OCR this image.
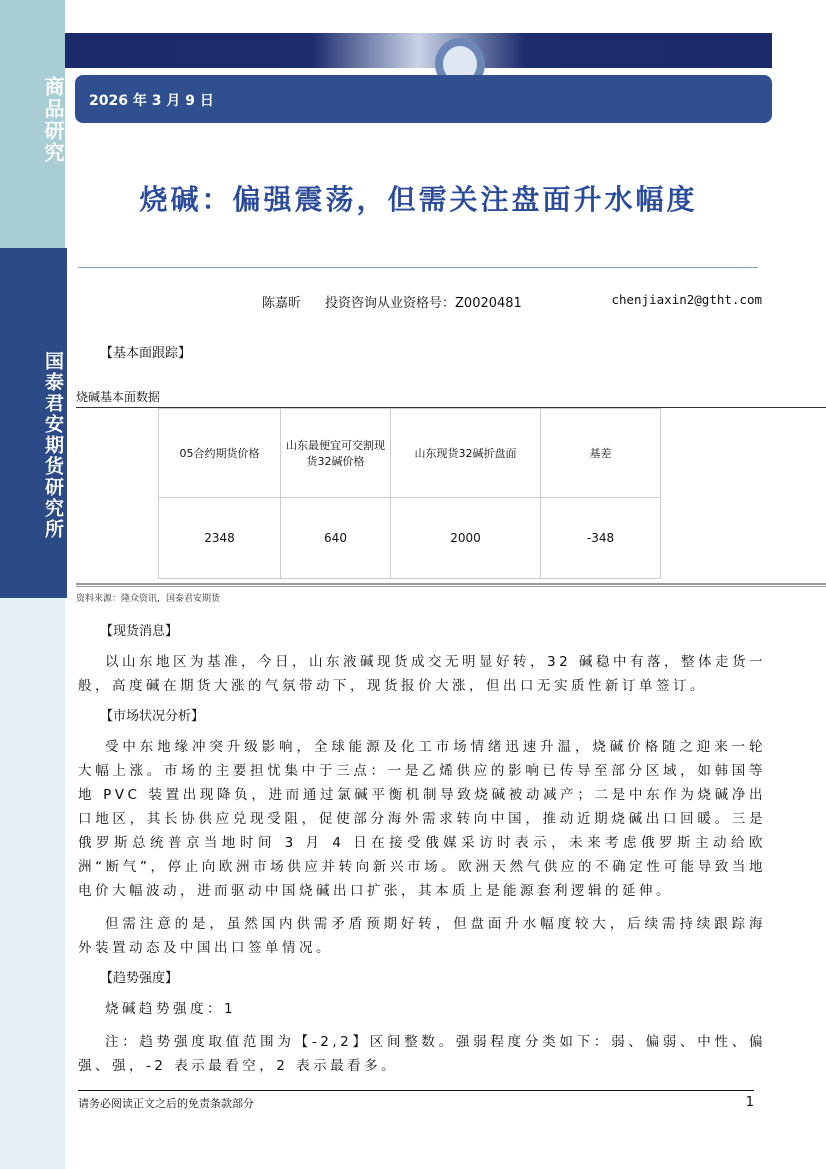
商品研究
国泰君安期货研究所
2026 年 3 月 9 日
烧碱：偏强震荡，但需关注盘面升水幅度
陈嘉昕 投资咨询从业资格号：Z0020481	chenjiaxin2@gtht.com
【基本面跟踪】
烧碱基本面数据
05合约期货价格	山东最便宜可交割现货32碱价格	山东现货32碱折盘面	基差
2348	640	2000	-348
资料来源：隆众资讯，国泰君安期货
【现货消息】

以山东地区为基准，今日，山东液碱现货成交无明显好转，32 碱稳中有落，整体走货一般，高度碱在期货大涨的气氛带动下，现货报价大涨，但出口无实质性新订单签订。

【市场状况分析】

受中东地缘冲突升级影响，全球能源及化工市场情绪迅速升温，烧碱价格随之迎来一轮大幅上涨。市场的主要担忧集中于三点：一是乙烯供应的影响已传导至部分区域，如韩国等地 PVC 装置出现降负，进而通过氯碱平衡机制导致烧碱被动减产；二是中东作为烧碱净出口地区，其长协供应兑现受阻，促使部分海外需求转向中国，推动近期烧碱出口回暖。三是俄罗斯总统普京当地时间 3 月 4 日在接受俄媒采访时表示，未来考虑俄罗斯主动给欧洲“断气”，停止向欧洲市场供应并转向新兴市场。欧洲天然气供应的不确定性可能导致当地电价大幅波动，进而驱动中国烧碱出口扩张，其本质上是能源套利逻辑的延伸。

但需注意的是，虽然国内供需矛盾预期好转，但盘面升水幅度较大，后续需持续跟踪海外装置动态及中国出口签单情况。

【趋势强度】

烧碱趋势强度：1

注：趋势强度取值范围为【-2,2】区间整数。强弱程度分类如下：弱、偏弱、中性、偏强、强，-2 表示最看空，2 表示最看多。

请务必阅读正文之后的免责条款部分	1
